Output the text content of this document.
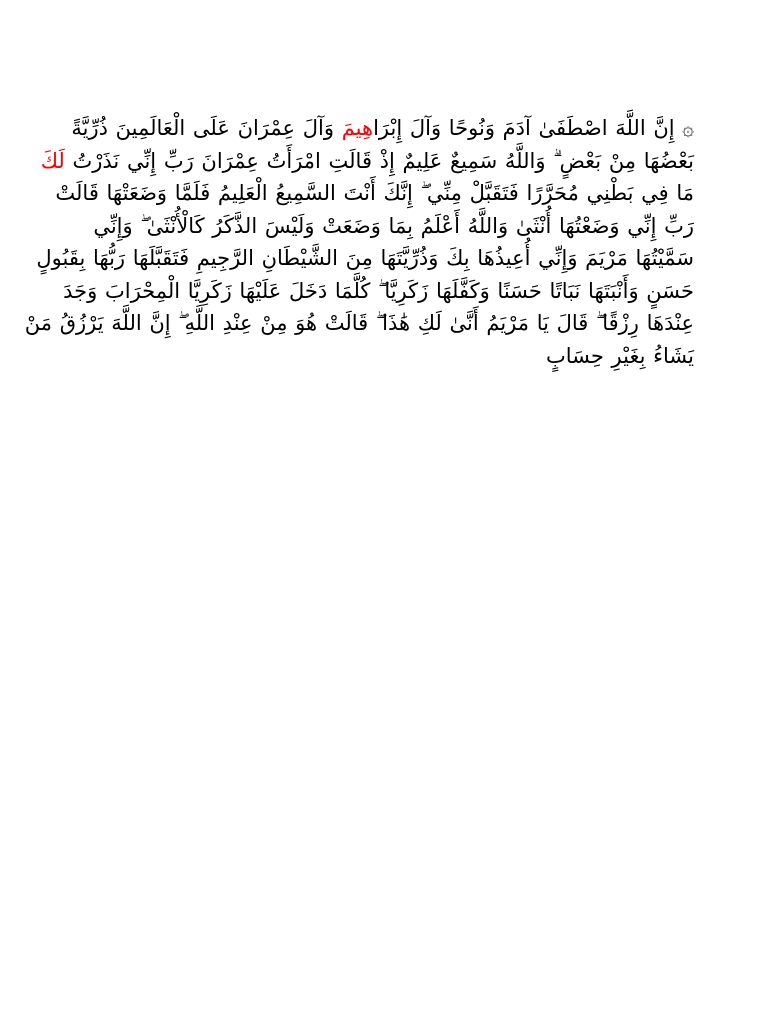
۞ إِنَّ اللَّهَ اصْطَفَىٰ آدَمَ وَنُوحًا وَآلَ إِبْرَاهِيمَ وَآلَ عِمْرَانَ عَلَى الْعَالَمِينَ ذُرِّيَّةً
بَعْضُهَا مِنْ بَعْضٍ ۗ وَاللَّهُ سَمِيعٌ عَلِيمٌ إِذْ قَالَتِ امْرَأَتُ عِمْرَانَ رَبِّ إِنِّي نَذَرْتُ لَكَ
مَا فِي بَطْنِي مُحَرَّرًا فَتَقَبَّلْ مِنِّي ۖ إِنَّكَ أَنْتَ السَّمِيعُ الْعَلِيمُ فَلَمَّا وَضَعَتْهَا قَالَتْ
رَبِّ إِنِّي وَضَعْتُهَا أُنْثَىٰ وَاللَّهُ أَعْلَمُ بِمَا وَضَعَتْ وَلَيْسَ الذَّكَرُ كَالْأُنْثَىٰ ۖ وَإِنِّي
سَمَّيْتُهَا مَرْيَمَ وَإِنِّي أُعِيذُهَا بِكَ وَذُرِّيَّتَهَا مِنَ الشَّيْطَانِ الرَّجِيمِ فَتَقَبَّلَهَا رَبُّهَا بِقَبُولٍ
حَسَنٍ وَأَنْبَتَهَا نَبَاتًا حَسَنًا وَكَفَّلَهَا زَكَرِيَّا ۖ كُلَّمَا دَخَلَ عَلَيْهَا زَكَرِيَّا الْمِحْرَابَ وَجَدَ
عِنْدَهَا رِزْقًا ۖ قَالَ يَا مَرْيَمُ أَنَّىٰ لَكِ هَٰذَا ۖ قَالَتْ هُوَ مِنْ عِنْدِ اللَّهِ ۖ إِنَّ اللَّهَ يَرْزُقُ مَنْ
يَشَاءُ بِغَيْرِ حِسَابٍ
